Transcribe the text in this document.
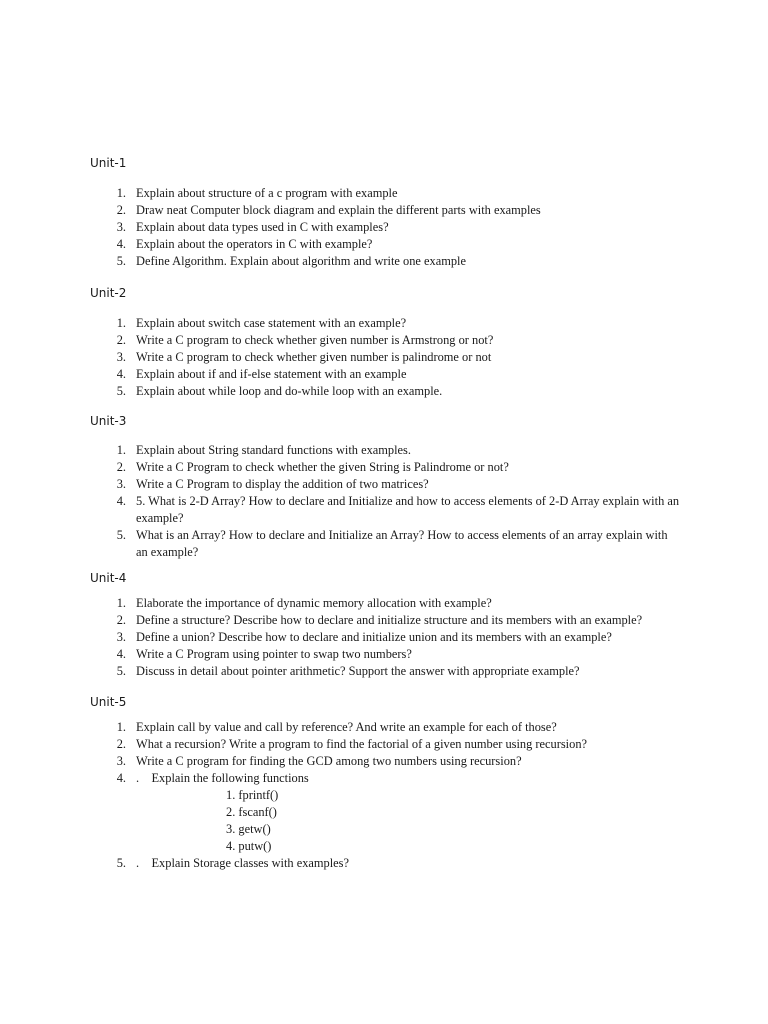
Unit-1
1. Explain about structure of a c program with example
2. Draw neat Computer block diagram and explain the different parts with examples
3. Explain about data types used in C with examples?
4. Explain about the operators in C with example?
5. Define Algorithm. Explain about algorithm and write one example
Unit-2
1. Explain about switch case statement with an example?
2. Write a C program to check whether given number is Armstrong or not?
3. Write a C program to check whether given number is palindrome or not
4. Explain about if and if-else statement with an example
5. Explain about while loop and do-while loop with an example.
Unit-3
1. Explain about String standard functions with examples.
2. Write a C Program to check whether the given String is Palindrome or not?
3. Write a C Program to display the addition of two matrices?
4. 5. What is 2-D Array? How to declare and Initialize and how to access elements of 2-D Array explain with an example?
5. What is an Array? How to declare and Initialize an Array? How to access elements of an array explain with an example?
Unit-4
1. Elaborate the importance of dynamic memory allocation with example?
2. Define a structure? Describe how to declare and initialize structure and its members with an example?
3. Define a union? Describe how to declare and initialize union and its members with an example?
4. Write a C Program using pointer to swap two numbers?
5. Discuss in detail about pointer arithmetic? Support the answer with appropriate example?
Unit-5
1. Explain call by value and call by reference? And write an example for each of those?
2. What a recursion? Write a program to find the factorial of a given number using recursion?
3. Write a C program for finding the GCD among two numbers using recursion?
4. .    Explain the following functions
1. fprintf()
2. fscanf()
3. getw()
4. putw()
5. .    Explain Storage classes with examples?
